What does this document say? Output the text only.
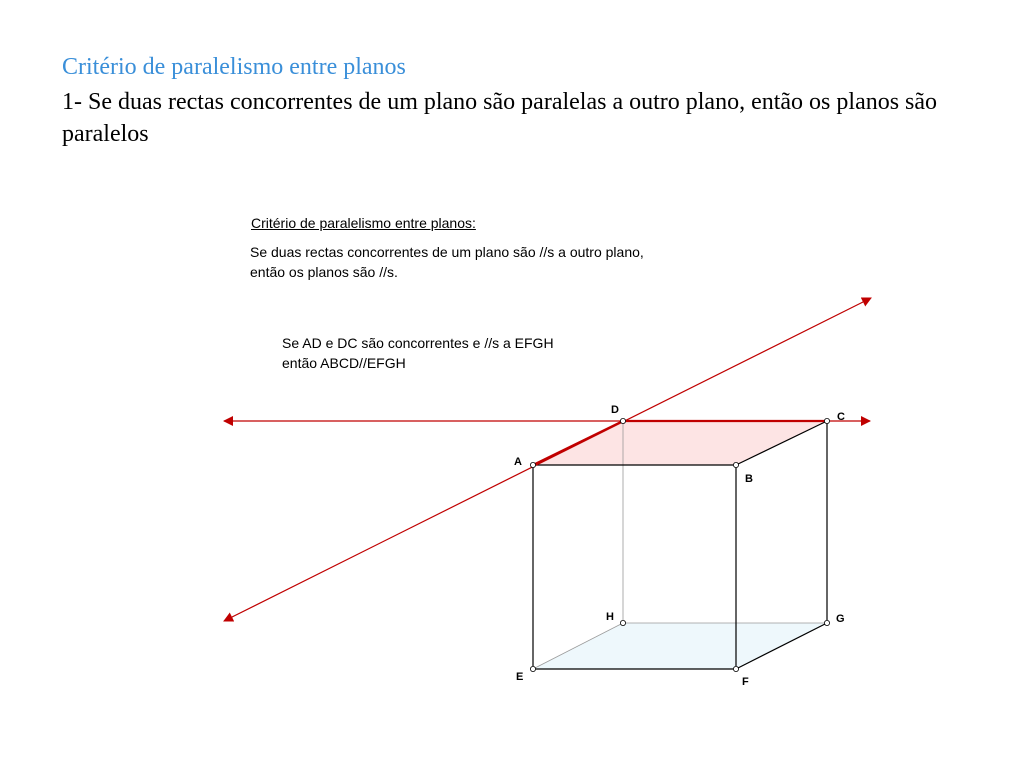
Critério de paralelismo entre planos
1- Se duas rectas concorrentes de um plano são paralelas a outro plano, então os planos são paralelos
Critério de paralelismo entre planos:
Se duas rectas concorrentes de um plano são //s a outro plano,
então os planos são //s.
Se AD e DC são concorrentes e //s a EFGH
então ABCD//EFGH
A
B
C
D
E	F
G
H
